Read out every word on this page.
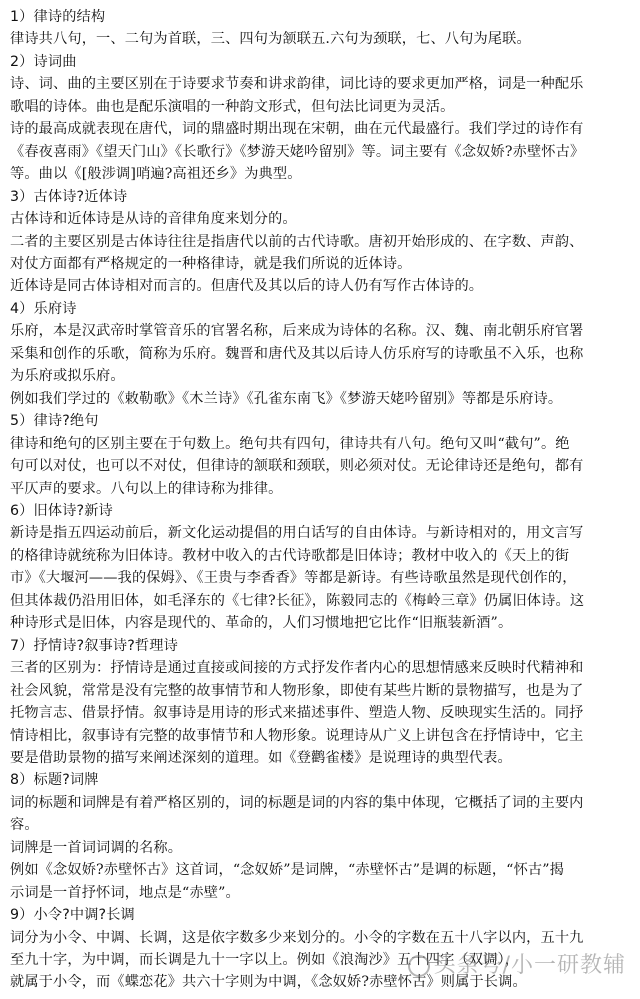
1）律诗的结构
律诗共八句，一、二句为首联，三、四句为颔联五.六句为颈联，七、八句为尾联。
2）诗词曲
诗、词、曲的主要区别在于诗要求节奏和讲求韵律，词比诗的要求更加严格，词是一种配乐
歌唱的诗体。曲也是配乐演唱的一种韵文形式，但句法比词更为灵活。
诗的最高成就表现在唐代，词的鼎盛时期出现在宋朝，曲在元代最盛行。我们学过的诗作有
《春夜喜雨》《望天门山》《长歌行》《梦游天姥吟留别》等。词主要有《念奴娇?赤壁怀古》
等。曲以《[般涉调]哨遍?高祖还乡》为典型。
3）古体诗?近体诗
古体诗和近体诗是从诗的音律角度来划分的。
二者的主要区别是古体诗往往是指唐代以前的古代诗歌。唐初开始形成的、在字数、声韵、
对仗方面都有严格规定的一种格律诗，就是我们所说的近体诗。
近体诗是同古体诗相对而言的。但唐代及其以后的诗人仍有写作古体诗的。
4）乐府诗
乐府，本是汉武帝时掌管音乐的官署名称，后来成为诗体的名称。汉、魏、南北朝乐府官署
采集和创作的乐歌，简称为乐府。魏晋和唐代及其以后诗人仿乐府写的诗歌虽不入乐，也称
为乐府或拟乐府。
例如我们学过的《敕勒歌》《木兰诗》《孔雀东南飞》《梦游天姥吟留别》等都是乐府诗。
5）律诗?绝句
律诗和绝句的区别主要在于句数上。绝句共有四句，律诗共有八句。绝句又叫“截句”。绝
句可以对仗，也可以不对仗，但律诗的颔联和颈联，则必须对仗。无论律诗还是绝句，都有
平仄声的要求。八句以上的律诗称为排律。
6）旧体诗?新诗
新诗是指五四运动前后，新文化运动提倡的用白话写的自由体诗。与新诗相对的，用文言写
的格律诗就统称为旧体诗。教材中收入的古代诗歌都是旧体诗；教材中收入的《天上的街
市》《大堰河——我的保姆》、《王贵与李香香》等都是新诗。有些诗歌虽然是现代创作的，
但其体裁仍沿用旧体，如毛泽东的《七律?长征》，陈毅同志的《梅岭三章》仍属旧体诗。这
种诗形式是旧体，内容是现代的、革命的，人们习惯地把它比作“旧瓶装新酒”。
7）抒情诗?叙事诗?哲理诗
三者的区别为：抒情诗是通过直接或间接的方式抒发作者内心的思想情感来反映时代精神和
社会风貌，常常是没有完整的故事情节和人物形象，即使有某些片断的景物描写，也是为了
托物言志、借景抒情。叙事诗是用诗的形式来描述事件、塑造人物、反映现实生活的。同抒
情诗相比，叙事诗有完整的故事情节和人物形象。说理诗从广义上讲包含在抒情诗中，它主
要是借助景物的描写来阐述深刻的道理。如《登鹳雀楼》是说理诗的典型代表。
8）标题?词牌
词的标题和词牌是有着严格区别的，词的标题是词的内容的集中体现，它概括了词的主要内
容。
词牌是一首词词调的名称。
例如《念奴娇?赤壁怀古》这首词，“念奴娇”是词牌，“赤壁怀古”是调的标题，“怀古”揭
示词是一首抒怀词，地点是“赤壁”。
9）小令?中调?长调
词分为小令、中调、长调，这是依字数多少来划分的。小令的字数在五十八字以内，五十九
至九十字，为中调，而长调是九十一字以上。例如《浪淘沙》五十四字（双调），
就属于小令，而《蝶恋花》共六十字则为中调，《念奴娇?赤壁怀古》则属于长调。
头条号/小一研教辅
